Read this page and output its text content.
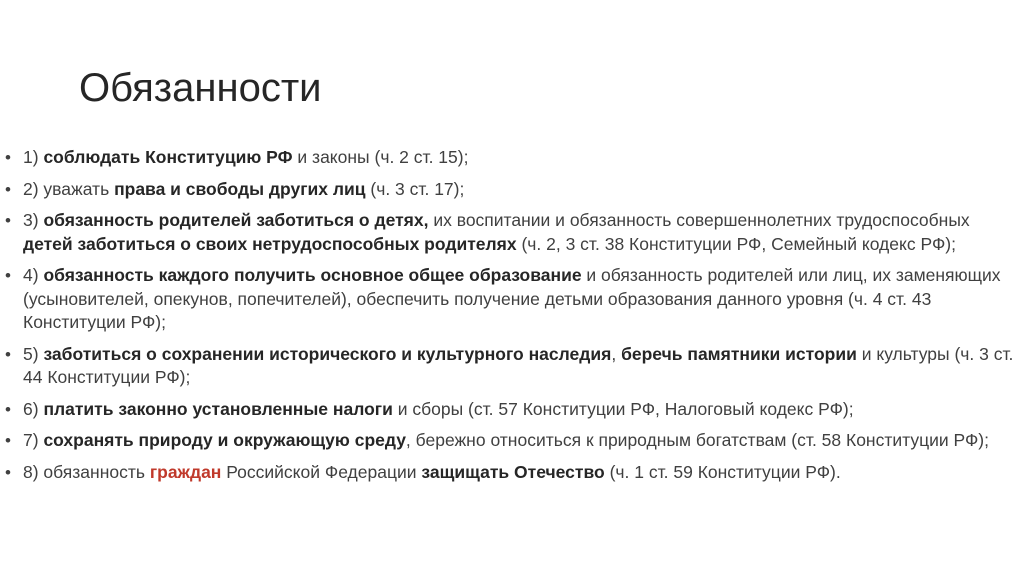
Обязанности
• 1) соблюдать Конституцию РФ и законы (ч. 2 ст. 15);
• 2) уважать права и свободы других лиц (ч. 3 ст. 17);
• 3) обязанность родителей заботиться о детях, их воспитании и обязанность совершеннолетних трудоспособных детей заботиться о своих нетрудоспособных родителях (ч. 2, 3 ст. 38 Конституции РФ, Семейный кодекс РФ);
• 4) обязанность каждого получить основное общее образование и обязанность родителей или лиц, их заменяющих (усыновителей, опекунов, попечителей), обеспечить получение детьми образования данного уровня (ч. 4 ст. 43 Конституции РФ);
• 5) заботиться о сохранении исторического и культурного наследия, беречь памятники истории и культуры (ч. 3 ст. 44 Конституции РФ);
• 6) платить законно установленные налоги и сборы (ст. 57 Конституции РФ, Налоговый кодекс РФ);
• 7) сохранять природу и окружающую среду, бережно относиться к природным богатствам (ст. 58 Конституции РФ);
• 8) обязанность граждан Российской Федерации защищать Отечество (ч. 1 ст. 59 Конституции РФ).
